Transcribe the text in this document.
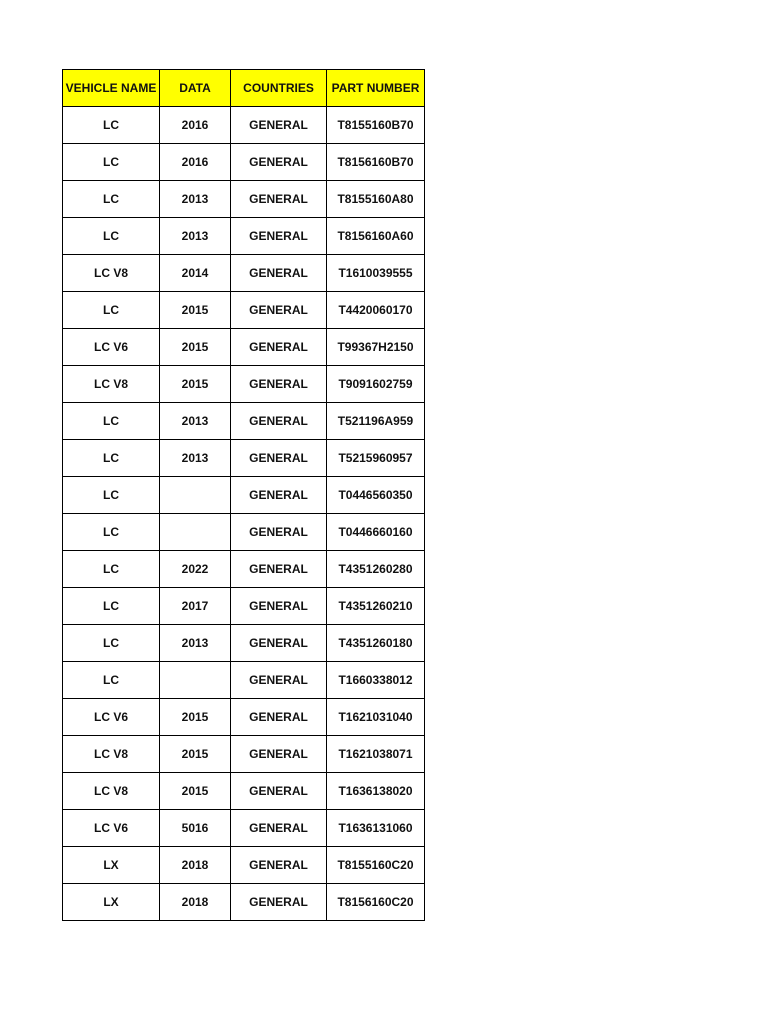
VEHICLE NAME	DATA	COUNTRIES	PART NUMBER
LC	2016	GENERAL	T8155160B70
LC	2016	GENERAL	T8156160B70
LC	2013	GENERAL	T8155160A80
LC	2013	GENERAL	T8156160A60
LC V8	2014	GENERAL	T1610039555
LC	2015	GENERAL	T4420060170
LC V6	2015	GENERAL	T99367H2150
LC V8	2015	GENERAL	T9091602759
LC	2013	GENERAL	T521196A959
LC	2013	GENERAL	T5215960957
LC		GENERAL	T0446560350
LC		GENERAL	T0446660160
LC	2022	GENERAL	T4351260280
LC	2017	GENERAL	T4351260210
LC	2013	GENERAL	T4351260180
LC		GENERAL	T1660338012
LC V6	2015	GENERAL	T1621031040
LC V8	2015	GENERAL	T1621038071
LC V8	2015	GENERAL	T1636138020
LC V6	5016	GENERAL	T1636131060
LX	2018	GENERAL	T8155160C20
LX	2018	GENERAL	T8156160C20
